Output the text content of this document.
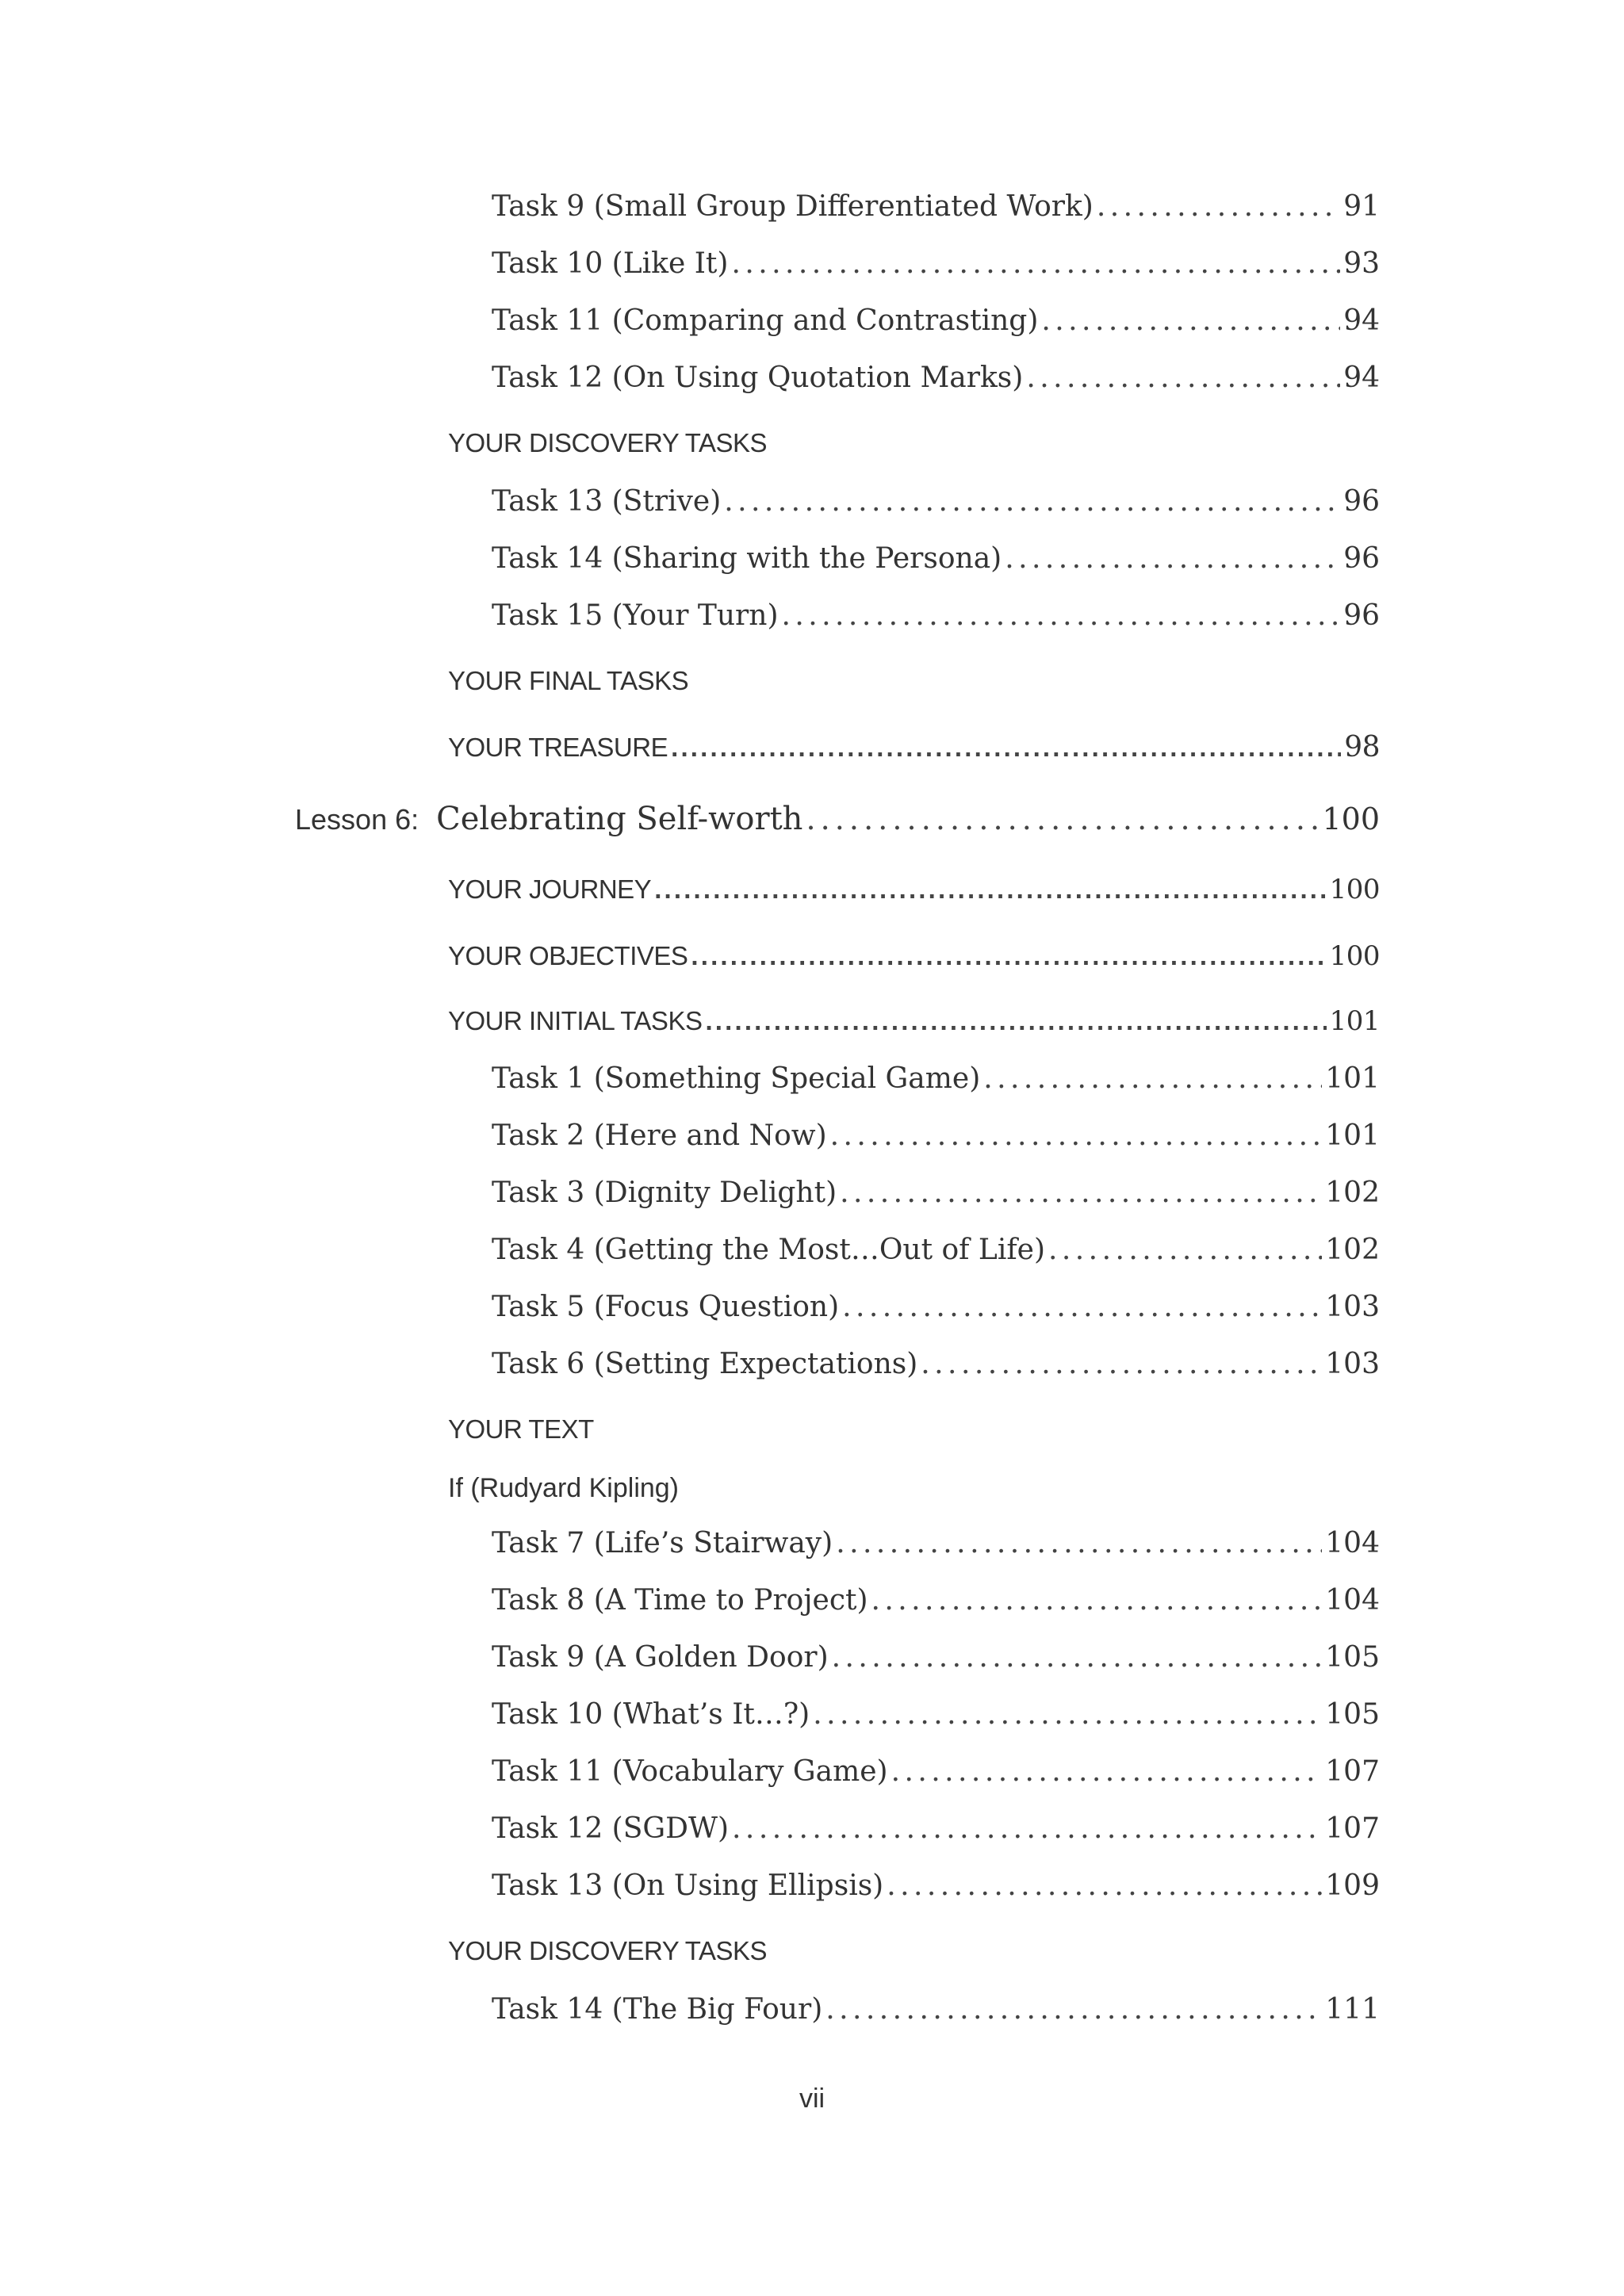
Task 9 (Small Group Differentiated Work) . . .	91
Task 10 (Like It) . . .	93
Task 11 (Comparing and Contrasting) . . .	94
Task 12 (On Using Quotation Marks) . . .	94
YOUR DISCOVERY TASKS
Task 13 (Strive) . . .	96
Task 14 (Sharing with the Persona) . . .	96
Task 15 (Your Turn) . . .	96
YOUR FINAL TASKS
YOUR TREASURE . . .	98
Lesson 6: Celebrating Self-worth . . .	100
YOUR JOURNEY . . .	100
YOUR OBJECTIVES . . .	100
YOUR INITIAL TASKS . . .	101
Task 1 (Something Special Game) . . .	101
Task 2 (Here and Now) . . .	101
Task 3 (Dignity Delight) . . .	102
Task 4 (Getting the Most…Out of Life) . . .	102
Task 5 (Focus Question) . . .	103
Task 6 (Setting Expectations) . . .	103
YOUR TEXT
If (Rudyard Kipling)
Task 7 (Life’s Stairway) . . .	104
Task 8 (A Time to Project) . . .	104
Task 9 (A Golden Door) . . .	105
Task 10 (What’s It…?) . . .	105
Task 11 (Vocabulary Game) . . .	107
Task 12 (SGDW) . . .	107
Task 13 (On Using Ellipsis) . . .	109
YOUR DISCOVERY TASKS
Task 14 (The Big Four) . . .	111
vii
